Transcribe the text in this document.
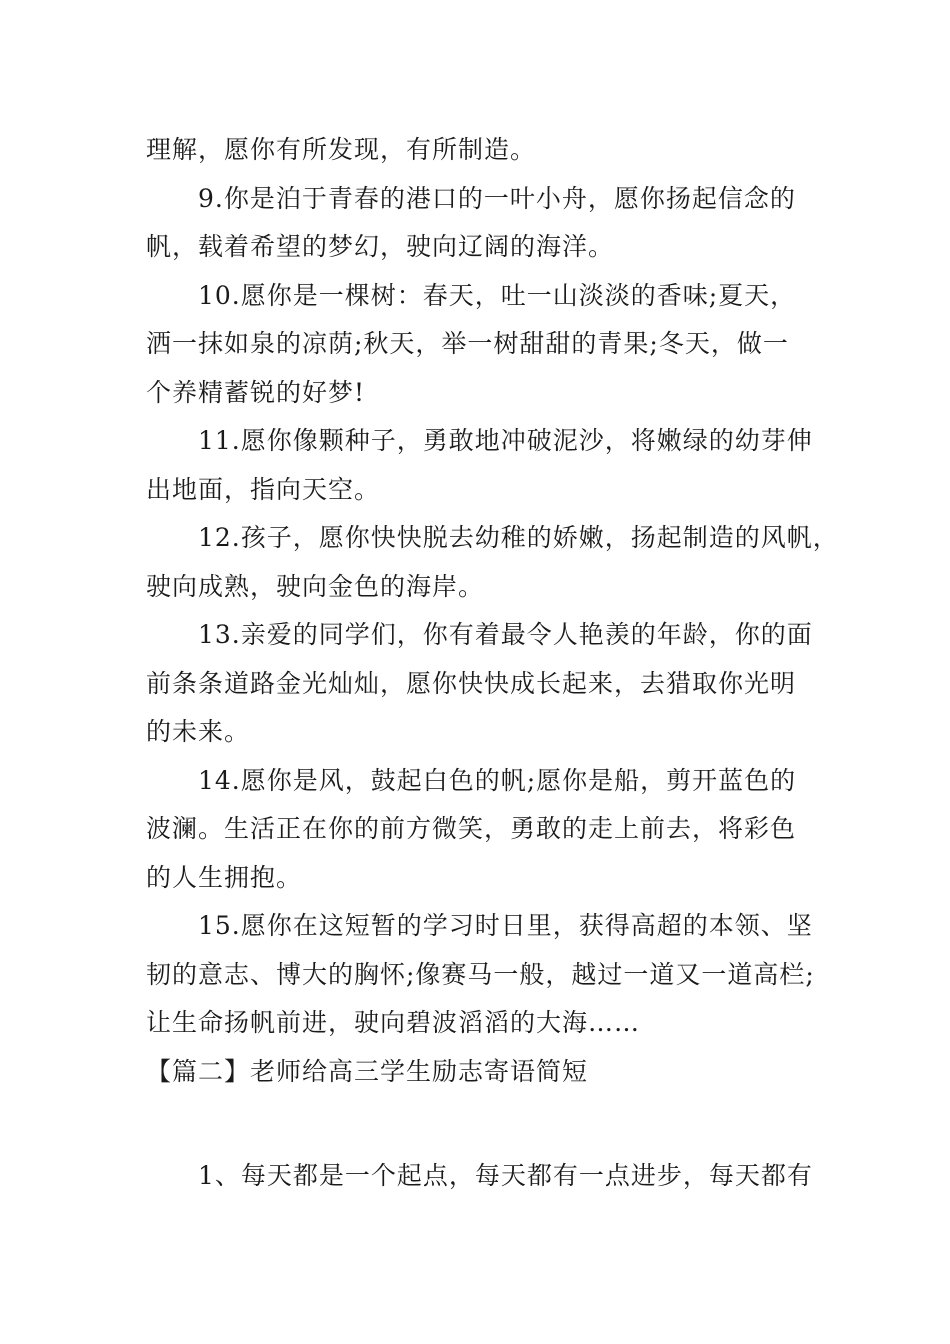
理解，愿你有所发现，有所制造。

9.你是泊于青春的港口的一叶小舟，愿你扬起信念的
帆，载着希望的梦幻，驶向辽阔的海洋。

10.愿你是一棵树：春天，吐一山淡淡的香味;夏天，
洒一抹如泉的凉荫;秋天，举一树甜甜的青果;冬天，做一
个养精蓄锐的好梦!

11.愿你像颗种子，勇敢地冲破泥沙，将嫩绿的幼芽伸
出地面，指向天空。

12.孩子，愿你快快脱去幼稚的娇嫩，扬起制造的风帆，
驶向成熟，驶向金色的海岸。

13.亲爱的同学们，你有着最令人艳羡的年龄，你的面
前条条道路金光灿灿，愿你快快成长起来，去猎取你光明
的未来。

14.愿你是风，鼓起白色的帆;愿你是船，剪开蓝色的
波澜。生活正在你的前方微笑，勇敢的走上前去，将彩色
的人生拥抱。

15.愿你在这短暂的学习时日里，获得高超的本领、坚
韧的意志、博大的胸怀;像赛马一般，越过一道又一道高栏;
让生命扬帆前进，驶向碧波滔滔的大海……

【篇二】老师给高三学生励志寄语简短

1、每天都是一个起点，每天都有一点进步，每天都有
